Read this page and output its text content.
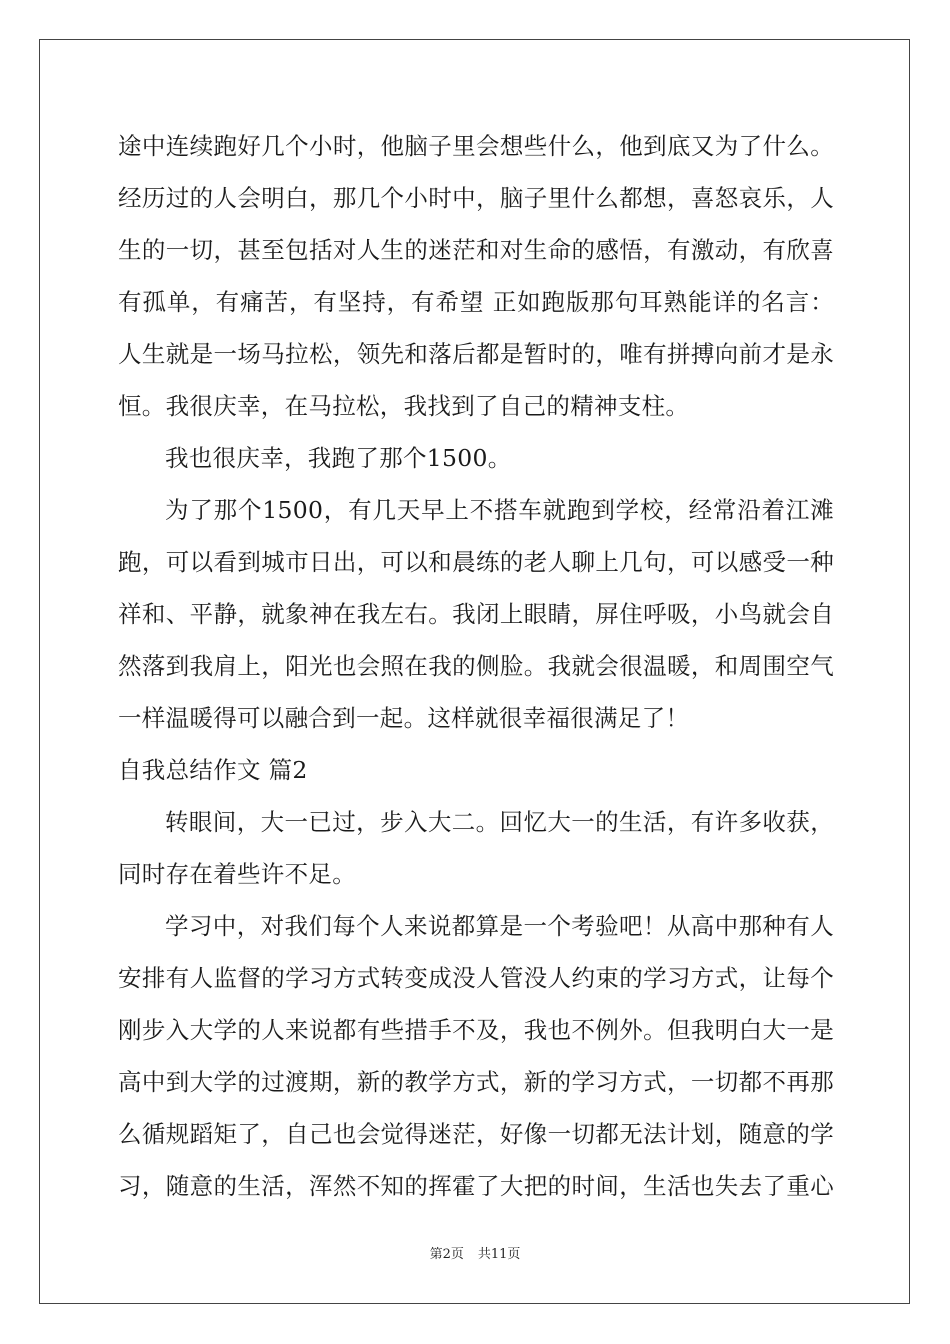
途中连续跑好几个小时，他脑子里会想些什么，他到底又为了什么。
经历过的人会明白，那几个小时中，脑子里什么都想，喜怒哀乐，人
生的一切，甚至包括对人生的迷茫和对生命的感悟，有激动，有欣喜
有孤单，有痛苦，有坚持，有希望 正如跑版那句耳熟能详的名言：
人生就是一场马拉松，领先和落后都是暂时的，唯有拼搏向前才是永
恒。我很庆幸，在马拉松，我找到了自己的精神支柱。
我也很庆幸，我跑了那个1500。
为了那个1500，有几天早上不搭车就跑到学校，经常沿着江滩
跑，可以看到城市日出，可以和晨练的老人聊上几句，可以感受一种
祥和、平静，就象神在我左右。我闭上眼睛，屏住呼吸，小鸟就会自
然落到我肩上，阳光也会照在我的侧脸。我就会很温暖，和周围空气
一样温暖得可以融合到一起。这样就很幸福很满足了！
自我总结作文 篇2
转眼间，大一已过，步入大二。回忆大一的生活，有许多收获，
同时存在着些许不足。
学习中，对我们每个人来说都算是一个考验吧！从高中那种有人
安排有人监督的学习方式转变成没人管没人约束的学习方式，让每个
刚步入大学的人来说都有些措手不及，我也不例外。但我明白大一是
高中到大学的过渡期，新的教学方式，新的学习方式，一切都不再那
么循规蹈矩了，自己也会觉得迷茫，好像一切都无法计划，随意的学
习，随意的生活，浑然不知的挥霍了大把的时间，生活也失去了重心
第2页 共11页
